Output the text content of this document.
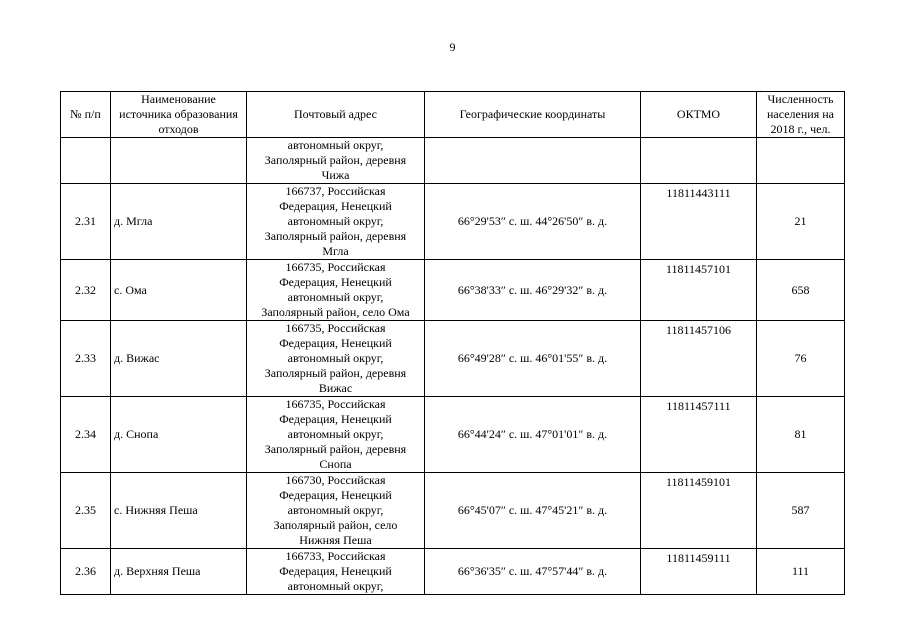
9
№ п/п	Наименование источника образования отходов	Почтовый адрес	Географические координаты	ОКТМО	Численность населения на 2018 г., чел.

		автономный округ,
Заполярный район, деревня
Чижа			

2.31	д. Мгла	166737, Российская
Федерация, Ненецкий
автономный округ,
Заполярный район, деревня
Мгла	66°29'53″ с. ш. 44°26'50″ в. д.	11811443111	21
2.32	с. Ома	166735, Российская
Федерация, Ненецкий
автономный округ,
Заполярный район, село Ома	66°38'33″ с. ш. 46°29'32″ в. д.	11811457101	658
2.33	д. Вижас	166735, Российская
Федерация, Ненецкий
автономный округ,
Заполярный район, деревня
Вижас	66°49'28″ с. ш. 46°01'55″ в. д.	11811457106	76
2.34	д. Снопа	166735, Российская
Федерация, Ненецкий
автономный округ,
Заполярный район, деревня
Снопа	66°44'24″ с. ш. 47°01'01″ в. д.	11811457111	81
2.35	с. Нижняя Пеша	166730, Российская
Федерация, Ненецкий
автономный округ,
Заполярный район, село
Нижняя Пеша	66°45'07″ с. ш. 47°45'21″ в. д.	11811459101	587
2.36	д. Верхняя Пеша	166733, Российская
Федерация, Ненецкий
автономный округ,	66°36'35″ с. ш. 47°57'44″ в. д.	11811459111	111
